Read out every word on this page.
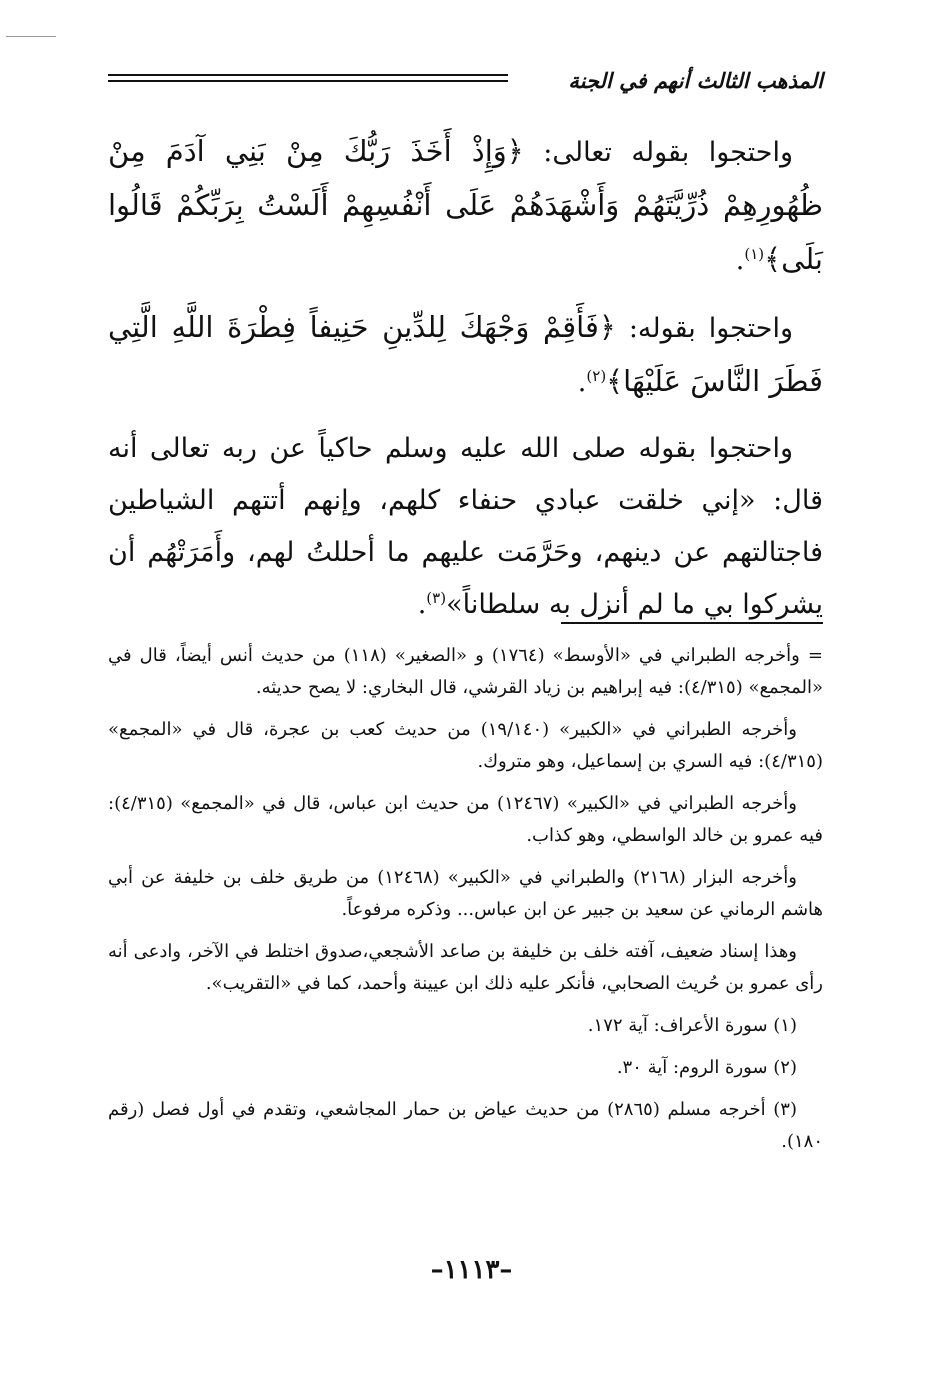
المذهب الثالث أنهم في الجنة

واحتجوا بقوله تعالى: ﴿وَإِذْ أَخَذَ رَبُّكَ مِنْ بَنِي آدَمَ مِنْ ظُهُورِهِمْ ذُرِّيَّتَهُمْ وَأَشْهَدَهُمْ عَلَى أَنْفُسِهِمْ أَلَسْتُ بِرَبِّكُمْ قَالُوا بَلَى﴾$^{(١)}$.

واحتجوا بقوله: ﴿فَأَقِمْ وَجْهَكَ لِلدِّينِ حَنِيفاً فِطْرَةَ اللَّهِ الَّتِي فَطَرَ النَّاسَ عَلَيْهَا﴾$^{(٢)}$.

واحتجوا بقوله صلى الله عليه وسلم حاكياً عن ربه تعالى أنه قال: «إني خلقت عبادي حنفاء كلهم، وإنهم أتتهم الشياطين فاجتالتهم عن دينهم، وحَرَّمَت عليهم ما أحللتُ لهم، وأَمَرَتْهُم أن يشركوا بي ما لم أنزل به سلطاناً»$^{(٣)}$.

= وأخرجه الطبراني في «الأوسط» (١٧٦٤) و «الصغير» (١١٨) من حديث أنس أيضاً، قال في «المجمع» (٤/٣١٥): فيه إبراهيم بن زياد القرشي، قال البخاري: لا يصح حديثه.

وأخرجه الطبراني في «الكبير» (١٩/١٤٠) من حديث كعب بن عجرة، قال في «المجمع» (٤/٣١٥): فيه السري بن إسماعيل، وهو متروك.

وأخرجه الطبراني في «الكبير» (١٢٤٦٧) من حديث ابن عباس، قال في «المجمع» (٤/٣١٥): فيه عمرو بن خالد الواسطي، وهو كذاب.

وأخرجه البزار (٢١٦٨) والطبراني في «الكبير» (١٢٤٦٨) من طريق خلف بن خليفة عن أبي هاشم الرماني عن سعيد بن جبير عن ابن عباس... وذكره مرفوعاً.

وهذا إسناد ضعيف، آفته خلف بن خليفة بن صاعد الأشجعي،صدوق اختلط في الآخر، وادعى أنه رأى عمرو بن حُريث الصحابي، فأنكر عليه ذلك ابن عيينة وأحمد، كما في «التقريب».

(١) سورة الأعراف: آية ١٧٢.

(٢) سورة الروم: آية ٣٠.

(٣) أخرجه مسلم (٢٨٦٥) من حديث عياض بن حمار المجاشعي، وتقدم في أول فصل (رقم ١٨٠).

–١١١٣–
